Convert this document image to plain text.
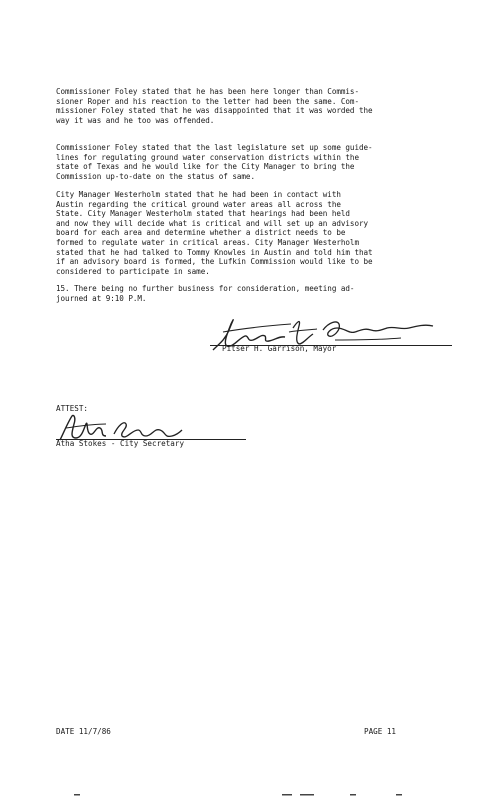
Commissioner Foley stated that he has been here longer than Commis-
sioner Roper and his reaction to the letter had been the same. Com-
missioner Foley stated that he was disappointed that it was worded the
way it was and he too was offended.
Commissioner Foley stated that the last legislature set up some guide-
lines for regulating ground water conservation districts within the
state of Texas and he would like for the City Manager to bring the
Commission up-to-date on the status of same.
City Manager Westerholm stated that he had been in contact with
Austin regarding the critical ground water areas all across the
State. City Manager Westerholm stated that hearings had been held
and now they will decide what is critical and will set up an advisory
board for each area and determine whether a district needs to be
formed to regulate water in critical areas. City Manager Westerholm
stated that he had talked to Tommy Knowles in Austin and told him that
if an advisory board is formed, the Lufkin Commission would like to be
considered to participate in same.
15. There being no further business for consideration, meeting ad-
journed at 9:10 P.M.
Pitser H. Garrison, Mayor
ATTEST:
Atha Stokes - City Secretary
DATE 11/7/86	PAGE 11
